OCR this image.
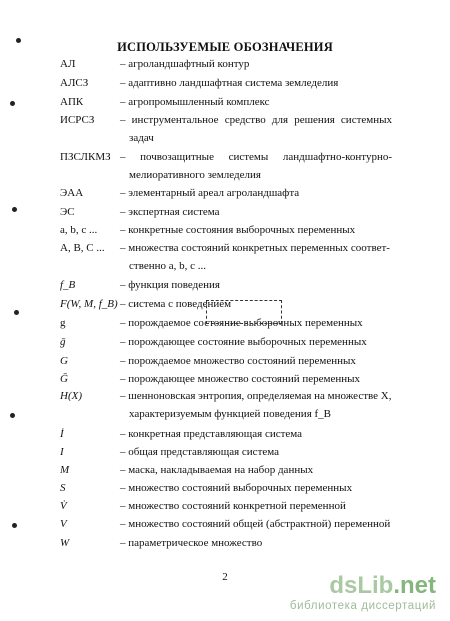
ИСПОЛЬЗУЕМЫЕ ОБОЗНАЧЕНИЯ
АЛ	– агроландшафтный контур
АЛСЗ	– адаптивно ландшафтная система земледелия
АПК	– агропромышленный комплекс
ИСРСЗ – инструментальное средство для решения системных
задач
ПЗСЛКМЗ – почвозащитные системы ландшафтно-контурно-
мелиоративного земледелия
ЭАА	– элементарный ареал агроландшафта
ЭС	– экспертная система
a, b, c ... – конкретные состояния выборочных переменных
A, B, C ... – множества состояний конкретных переменных соответ-
ственно a, b, c ...
f_B	– функция поведения
F(W, M, f_B) – система с поведением
g	– порождаемое состояние выборочных переменных
ḡ	– порождающее состояние выборочных переменных
G	– порождаемое множество состояний переменных
Ḡ	– порождающее множество состояний переменных
H(X)	– шенноновская энтропия, определяемая на множестве X,
характеризуемым функцией поведения f_B
İ	– конкретная представляющая система
I	– общая представляющая система
M	– маска, накладываемая на набор данных
S	– множество состояний выборочных переменных
V̇	– множество состояний конкретной переменной
V	– множество состояний общей (абстрактной) переменной
W	– параметрическое множество
2	dsLib.net
библиотека диссертаций
